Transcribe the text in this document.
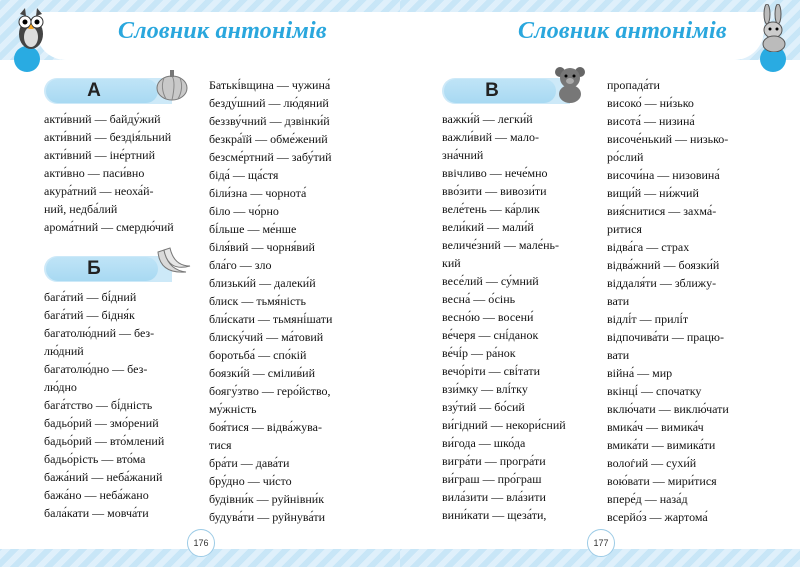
Словник антонімів
А
акти́вний — байду́жий
акти́вний — бездія́льний
акти́вний — іне́ртний
акти́вно — паси́вно
акура́тний — неоха́й-
ний, недба́лий
арома́тний — смердю́чий
Б
бага́тий — бі́дний
бага́тий — бідня́к
багатолю́дний — без-
лю́дний
багатолю́дно — без-
лю́дно
бага́тство — бі́дність
бадьо́рий — змо́рений
бадьо́рий — вто́млений
бадьо́рість — вто́ма
бажа́ний — неба́жаний
бажа́но — неба́жано
бала́кати — мовча́ти
Батькі́вщина — чужина́
безду́шний — лю́дяний
беззву́чний — дзвінки́й
безкра́їй — обме́жений
безсме́ртний — забу́тий
біда́ — ща́стя
біли́зна — чорнота́
біло — чо́рно
бі́льше — ме́нше
біля́вий — чорня́вий
бла́го — зло
близьки́й — далеки́й
блиск — тьмя́ність
бли́скати — тьмяні́шати
блиску́чий — ма́товий
боротьба́ — спо́кій
боязки́й — смілив́ий
боягу́зтво — геро́йство,
му́жність
боя́тися — відва́жува-
тися
бра́ти — дава́ти
бру́дно — чи́сто
будівни́к — руйнівни́к
будува́ти — руйнува́ти
176
Словник антонімів
В
важки́й — легки́й
важли́вий — мало-
зна́чний
ввічливо — нече́мно
вво́зити — вивози́ти
веле́тень — ка́рлик
вели́кий — мали́й
величе́зний — мале́нь-
кий
весе́лий — су́мний
весна́ — о́сінь
весно́ю — восени́
ве́черя — сні́данок
ве́чі́р — ра́нок
вечо́ріти — сві́тати
взи́мку — влі́тку
взу́тий — бо́сий
ви́гідний — некори́сний
ви́года — шко́да
вигра́ти — програ́ти
ви́граш — про́граш
вила́зити — вла́зити
вини́кати — щеза́ти,
пропада́ти
високо́ — ни́зько
висота́ — низина́
височе́нький — низько-
ро́слий
височи́на — низовина́
вищи́й — ни́жчий
вия́снитися — захма́-
ритися
відва́га — страх
відва́жний — боязки́й
віддаля́ти — зближу-
вати
відлі́т — прилі́т
відпочива́ти — працю-
вати
війна́ — мир
вкінці́ — спочатку
вклю́чати — виклю́чати
вмика́ч — вимика́ч
вмика́ти — вимика́ти
волоѓий — сухи́й
вою́вати — мири́тися
впере́д — наза́д
всерйо́з — жартома́
177
